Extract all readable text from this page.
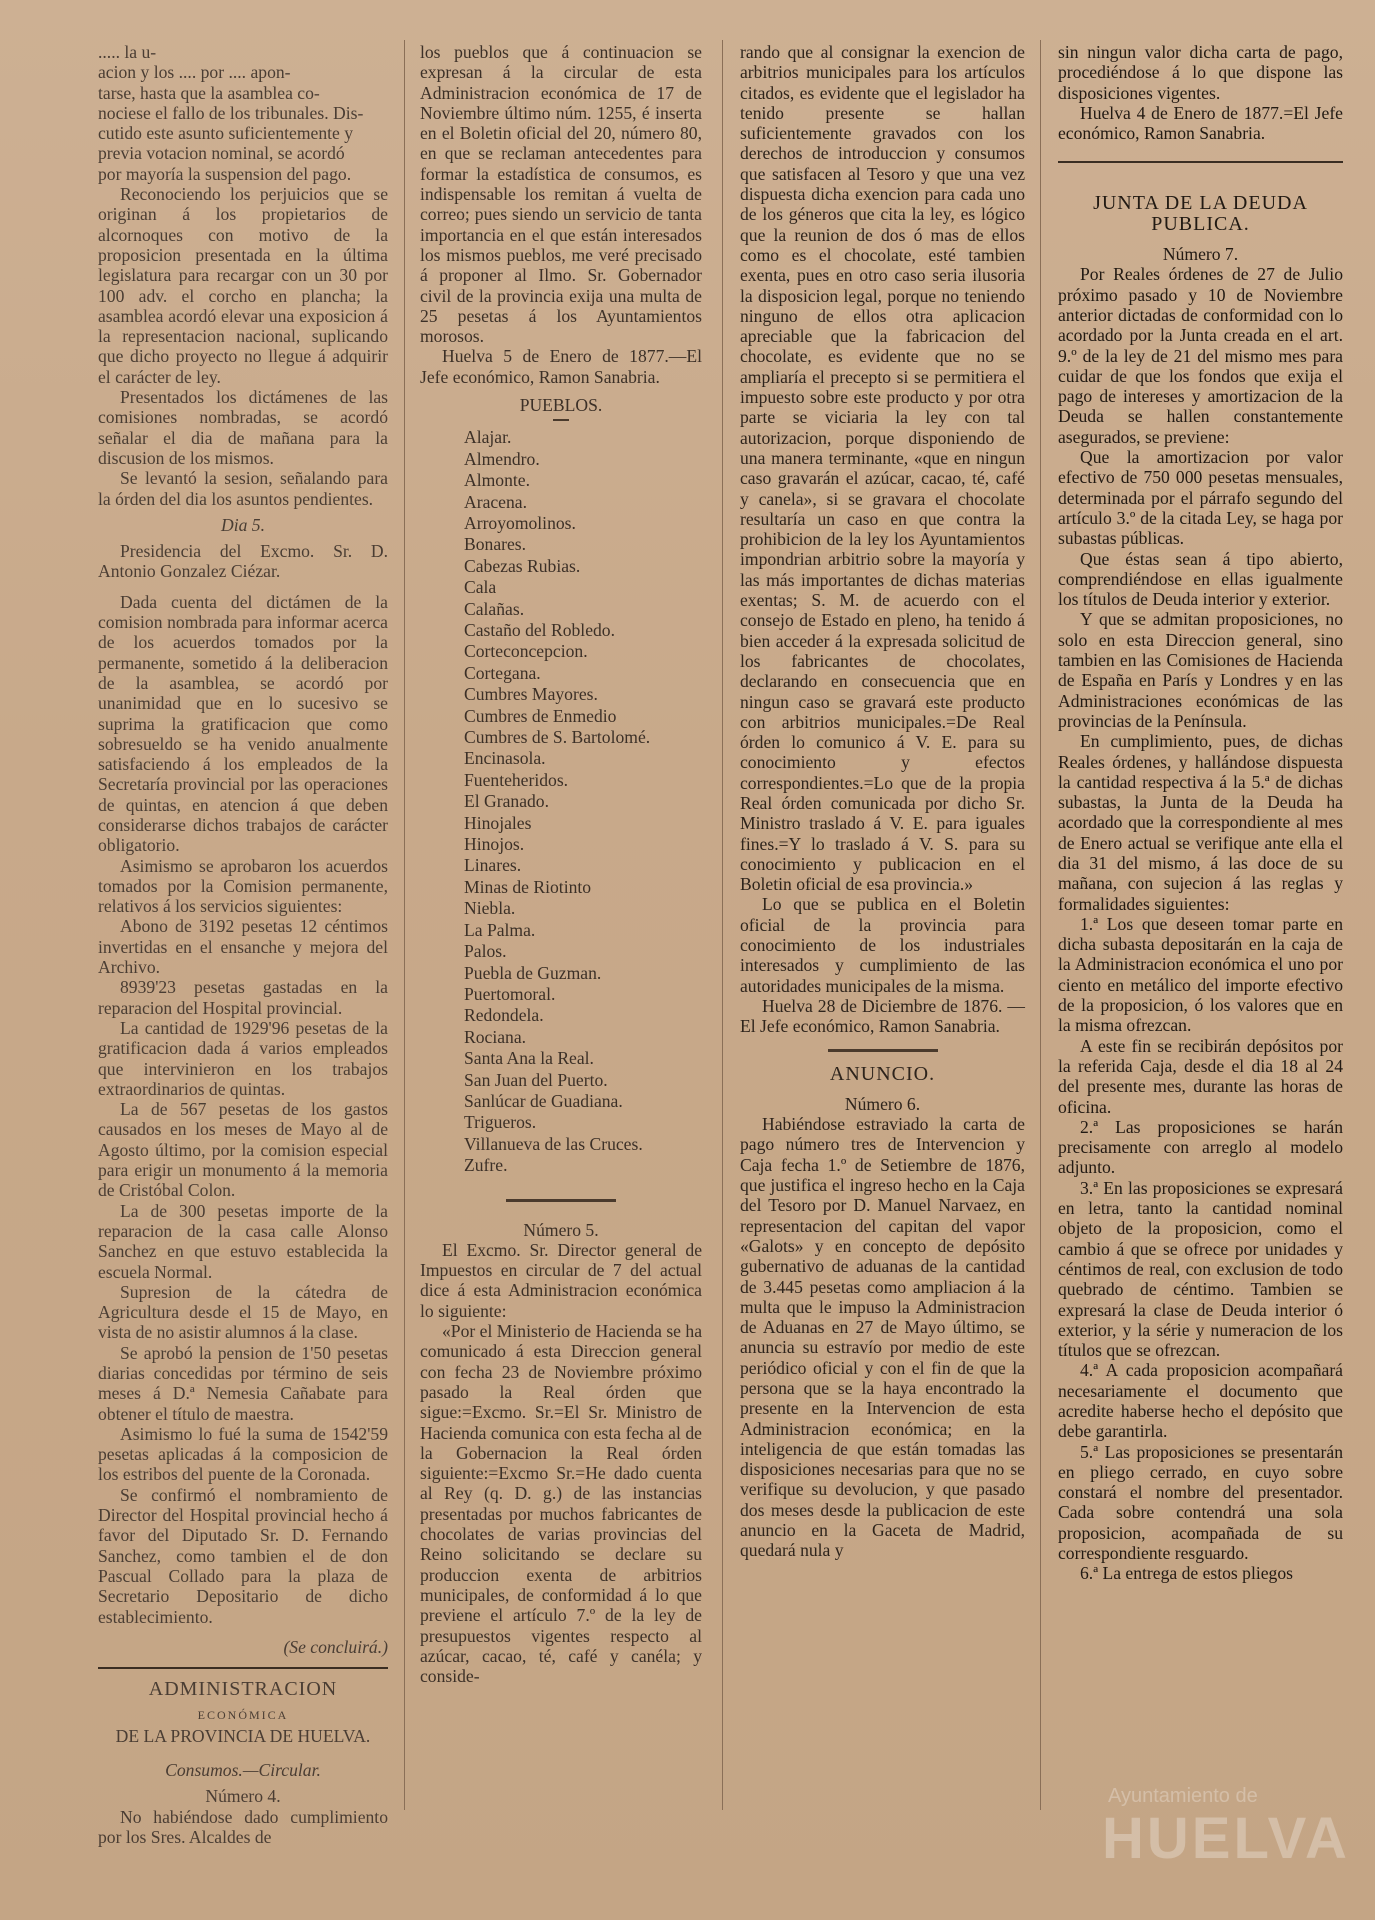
..... la u-

acion y los .... por .... apon-

tarse, hasta que la asamblea co-

nociese el fallo de los tribunales. Dis-

cutido este asunto suficientemente y

previa votacion nominal, se acordó

por mayoría la suspension del pago.

Reconociendo los perjuicios que se originan á los propietarios de alcornoques con motivo de la proposicion presentada en la última legislatura para recargar con un 30 por 100 adv. el corcho en plancha; la asamblea acordó elevar una exposicion á la representacion nacional, suplicando que dicho proyecto no llegue á adquirir el carácter de ley.

Presentados los dictámenes de las comisiones nombradas, se acordó señalar el dia de mañana para la discusion de los mismos.

Se levantó la sesion, señalando para la órden del dia los asuntos pendientes.

Dia 5.

Presidencia del Excmo. Sr. D. Antonio Gonzalez Ciézar.

Dada cuenta del dictámen de la comision nombrada para informar acerca de los acuerdos tomados por la permanente, sometido á la deliberacion de la asamblea, se acordó por unanimidad que en lo sucesivo se suprima la gratificacion que como sobresueldo se ha venido anualmente satisfaciendo á los empleados de la Secretaría provincial por las operaciones de quintas, en atencion á que deben considerarse dichos trabajos de carácter obligatorio.

Asimismo se aprobaron los acuerdos tomados por la Comision permanente, relativos á los servicios siguientes:

Abono de 3192 pesetas 12 céntimos invertidas en el ensanche y mejora del Archivo.

8939'23 pesetas gastadas en la reparacion del Hospital provincial.

La cantidad de 1929'96 pesetas de la gratificacion dada á varios empleados que intervinieron en los trabajos extraordinarios de quintas.

La de 567 pesetas de los gastos causados en los meses de Mayo al de Agosto último, por la comision especial para erigir un monumento á la memoria de Cristóbal Colon.

La de 300 pesetas importe de la reparacion de la casa calle Alonso Sanchez en que estuvo establecida la escuela Normal.

Supresion de la cátedra de Agricultura desde el 15 de Mayo, en vista de no asistir alumnos á la clase.

Se aprobó la pension de 1'50 pesetas diarias concedidas por término de seis meses á D.ª Nemesia Cañabate para obtener el título de maestra.

Asimismo lo fué la suma de 1542'59 pesetas aplicadas á la composicion de los estribos del puente de la Coronada.

Se confirmó el nombramiento de Director del Hospital provincial hecho á favor del Diputado Sr. D. Fernando Sanchez, como tambien el de don Pascual Collado para la plaza de Secretario Depositario de dicho establecimiento.

(Se concluirá.)

ADMINISTRACION

ECONÓMICA

DE LA PROVINCIA DE HUELVA.

Consumos.—Circular.

Número 4.

No habiéndose dado cumplimiento por los Sres. Alcaldes de

los pueblos que á continuacion se expresan á la circular de esta Administracion económica de 17 de Noviembre último núm. 1255, é inserta en el Boletin oficial del 20, número 80, en que se reclaman antecedentes para formar la estadística de consumos, es indispensable los remitan á vuelta de correo; pues siendo un servicio de tanta importancia en el que están interesados los mismos pueblos, me veré precisado á proponer al Ilmo. Sr. Gobernador civil de la provincia exija una multa de 25 pesetas á los Ayuntamientos morosos.

Huelva 5 de Enero de 1877.—El Jefe económico, Ramon Sanabria.

PUEBLOS.

Alajar.
Almendro.
Almonte.
Aracena.
Arroyomolinos.
Bonares.
Cabezas Rubias.
Cala
Calañas.
Castaño del Robledo.
Corteconcepcion.
Cortegana.
Cumbres Mayores.
Cumbres de Enmedio
Cumbres de S. Bartolomé.
Encinasola.
Fuenteheridos.
El Granado.
Hinojales
Hinojos.
Linares.
Minas de Riotinto
Niebla.
La Palma.
Palos.
Puebla de Guzman.
Puertomoral.
Redondela.
Rociana.
Santa Ana la Real.
San Juan del Puerto.
Sanlúcar de Guadiana.
Trigueros.
Villanueva de las Cruces.
Zufre.

Número 5.

El Excmo. Sr. Director general de Impuestos en circular de 7 del actual dice á esta Administracion económica lo siguiente:

«Por el Ministerio de Hacienda se ha comunicado á esta Direccion general con fecha 23 de Noviembre próximo pasado la Real órden que sigue:=Excmo. Sr.=El Sr. Ministro de Hacienda comunica con esta fecha al de la Gobernacion la Real órden siguiente:=Excmo Sr.=He dado cuenta al Rey (q. D. g.) de las instancias presentadas por muchos fabricantes de chocolates de varias provincias del Reino solicitando se declare su produccion exenta de arbitrios municipales, de conformidad á lo que previene el artículo 7.º de la ley de presupuestos vigentes respecto al azúcar, cacao, té, café y canéla; y conside-

rando que al consignar la exencion de arbitrios municipales para los artículos citados, es evidente que el legislador ha tenido presente se hallan suficientemente gravados con los derechos de introduccion y consumos que satisfacen al Tesoro y que una vez dispuesta dicha exencion para cada uno de los géneros que cita la ley, es lógico que la reunion de dos ó mas de ellos como es el chocolate, esté tambien exenta, pues en otro caso seria ilusoria la disposicion legal, porque no teniendo ninguno de ellos otra aplicacion apreciable que la fabricacion del chocolate, es evidente que no se ampliaría el precepto si se permitiera el impuesto sobre este producto y por otra parte se viciaria la ley con tal autorizacion, porque disponiendo de una manera terminante, «que en ningun caso gravarán el azúcar, cacao, té, café y canela», si se gravara el chocolate resultaría un caso en que contra la prohibicion de la ley los Ayuntamientos impondrian arbitrio sobre la mayoría y las más importantes de dichas materias exentas; S. M. de acuerdo con el consejo de Estado en pleno, ha tenido á bien acceder á la expresada solicitud de los fabricantes de chocolates, declarando en consecuencia que en ningun caso se gravará este producto con arbitrios municipales.=De Real órden lo comunico á V. E. para su conocimiento y efectos correspondientes.=Lo que de la propia Real órden comunicada por dicho Sr. Ministro traslado á V. E. para iguales fines.=Y lo traslado á V. S. para su conocimiento y publicacion en el Boletin oficial de esa provincia.»

Lo que se publica en el Boletin oficial de la provincia para conocimiento de los industriales interesados y cumplimiento de las autoridades municipales de la misma.

Huelva 28 de Diciembre de 1876. —El Jefe económico, Ramon Sanabria.

ANUNCIO.

Número 6.

Habiéndose estraviado la carta de pago número tres de Intervencion y Caja fecha 1.º de Setiembre de 1876, que justifica el ingreso hecho en la Caja del Tesoro por D. Manuel Narvaez, en representacion del capitan del vapor «Galots» y en concepto de depósito gubernativo de aduanas de la cantidad de 3.445 pesetas como ampliacion á la multa que le impuso la Administracion de Aduanas en 27 de Mayo último, se anuncia su estravío por medio de este periódico oficial y con el fin de que la persona que se la haya encontrado la presente en la Intervencion de esta Administracion económica; en la inteligencia de que están tomadas las disposiciones necesarias para que no se verifique su devolucion, y que pasado dos meses desde la publicacion de este anuncio en la Gaceta de Madrid, quedará nula y

sin ningun valor dicha carta de pago, procediéndose á lo que dispone las disposiciones vigentes.

Huelva 4 de Enero de 1877.=El Jefe económico, Ramon Sanabria.

JUNTA DE LA DEUDA PUBLICA.

Número 7.

Por Reales órdenes de 27 de Julio próximo pasado y 10 de Noviembre anterior dictadas de conformidad con lo acordado por la Junta creada en el art. 9.º de la ley de 21 del mismo mes para cuidar de que los fondos que exija el pago de intereses y amortizacion de la Deuda se hallen constantemente asegurados, se previene:

Que la amortizacion por valor efectivo de 750 000 pesetas mensuales, determinada por el párrafo segundo del artículo 3.º de la citada Ley, se haga por subastas públicas.

Que éstas sean á tipo abierto, comprendiéndose en ellas igualmente los títulos de Deuda interior y exterior.

Y que se admitan proposiciones, no solo en esta Direccion general, sino tambien en las Comisiones de Hacienda de España en París y Londres y en las Administraciones económicas de las provincias de la Península.

En cumplimiento, pues, de dichas Reales órdenes, y hallándose dispuesta la cantidad respectiva á la 5.ª de dichas subastas, la Junta de la Deuda ha acordado que la correspondiente al mes de Enero actual se verifique ante ella el dia 31 del mismo, á las doce de su mañana, con sujecion á las reglas y formalidades siguientes:

1.ª Los que deseen tomar parte en dicha subasta depositarán en la caja de la Administracion económica el uno por ciento en metálico del importe efectivo de la proposicion, ó los valores que en la misma ofrezcan.

A este fin se recibirán depósitos por la referida Caja, desde el dia 18 al 24 del presente mes, durante las horas de oficina.

2.ª Las proposiciones se harán precisamente con arreglo al modelo adjunto.

3.ª En las proposiciones se expresará en letra, tanto la cantidad nominal objeto de la proposicion, como el cambio á que se ofrece por unidades y céntimos de real, con exclusion de todo quebrado de céntimo. Tambien se expresará la clase de Deuda interior ó exterior, y la série y numeracion de los títulos que se ofrezcan.

4.ª A cada proposicion acompañará necesariamente el documento que acredite haberse hecho el depósito que debe garantirla.

5.ª Las proposiciones se presentarán en pliego cerrado, en cuyo sobre constará el nombre del presentador. Cada sobre contendrá una sola proposicion, acompañada de su correspondiente resguardo.

6.ª La entrega de estos pliegos

Ayuntamiento de
HUELVA
